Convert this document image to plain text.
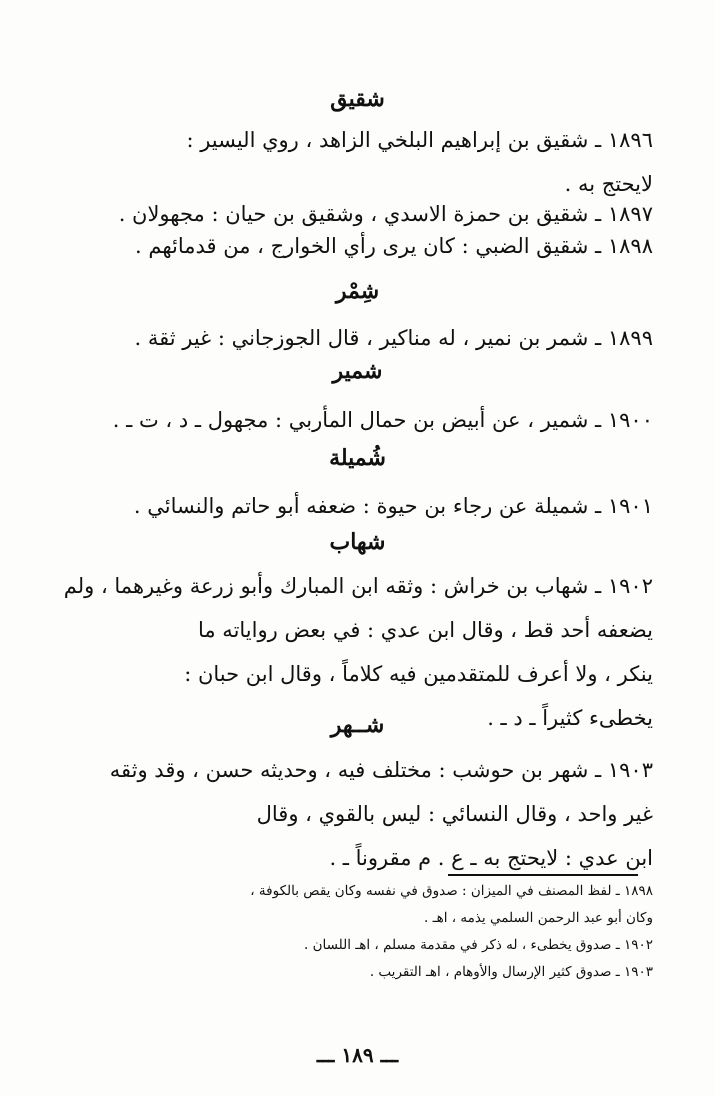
شقيق
١٨٩٦ ـ شقيق بن إبراهيم البلخي الزاهد ، روي اليسير :
لايحتج به .
١٨٩٧ ـ شقيق بن حمزة الاسدي ، وشقيق بن حيان : مجهولان .
١٨٩٨ ـ شقيق الضبي : كان يرى رأي الخوارج ، من قدمائهم .
شِمْر
١٨٩٩ ـ شمر بن نمير ، له مناكير ، قال الجوزجاني : غير ثقة .
شمير
١٩٠٠ ـ شمير ، عن أبيض بن حمال المأربي : مجهول ـ د ، ت ـ .
شُميلة
١٩٠١ ـ شميلة عن رجاء بن حيوة : ضعفه أبو حاتم والنسائي .
شهاب
١٩٠٢ ـ شهاب بن خراش : وثقه ابن المبارك وأبو زرعة وغيرهما ، ولم
يضعفه أحد قط ، وقال ابن عدي : في بعض رواياته ما
ينكر ، ولا أعرف للمتقدمين فيه كلاماً ، وقال ابن حبان :
يخطىء كثيراً ـ د ـ .
شــهر
١٩٠٣ ـ شهر بن حوشب : مختلف فيه ، وحديثه حسن ، وقد وثقه
غير واحد ، وقال النسائي : ليس بالقوي ، وقال
ابن عدي : لايحتج به ـ ع . م مقروناً ـ .
١٨٩٨ ـ لفظ المصنف في الميزان : صدوق في نفسه وكان يقص بالكوفة ،
وكان أبو عبد الرحمن السلمي يذمه ، اهـ .
١٩٠٢ ـ صدوق يخطىء ، له ذكر في مقدمة مسلم ، اهـ اللسان .
١٩٠٣ ـ صدوق كثير الإرسال والأوهام ، اهـ التقريب .
ـــ ١٨٩ ـــ
